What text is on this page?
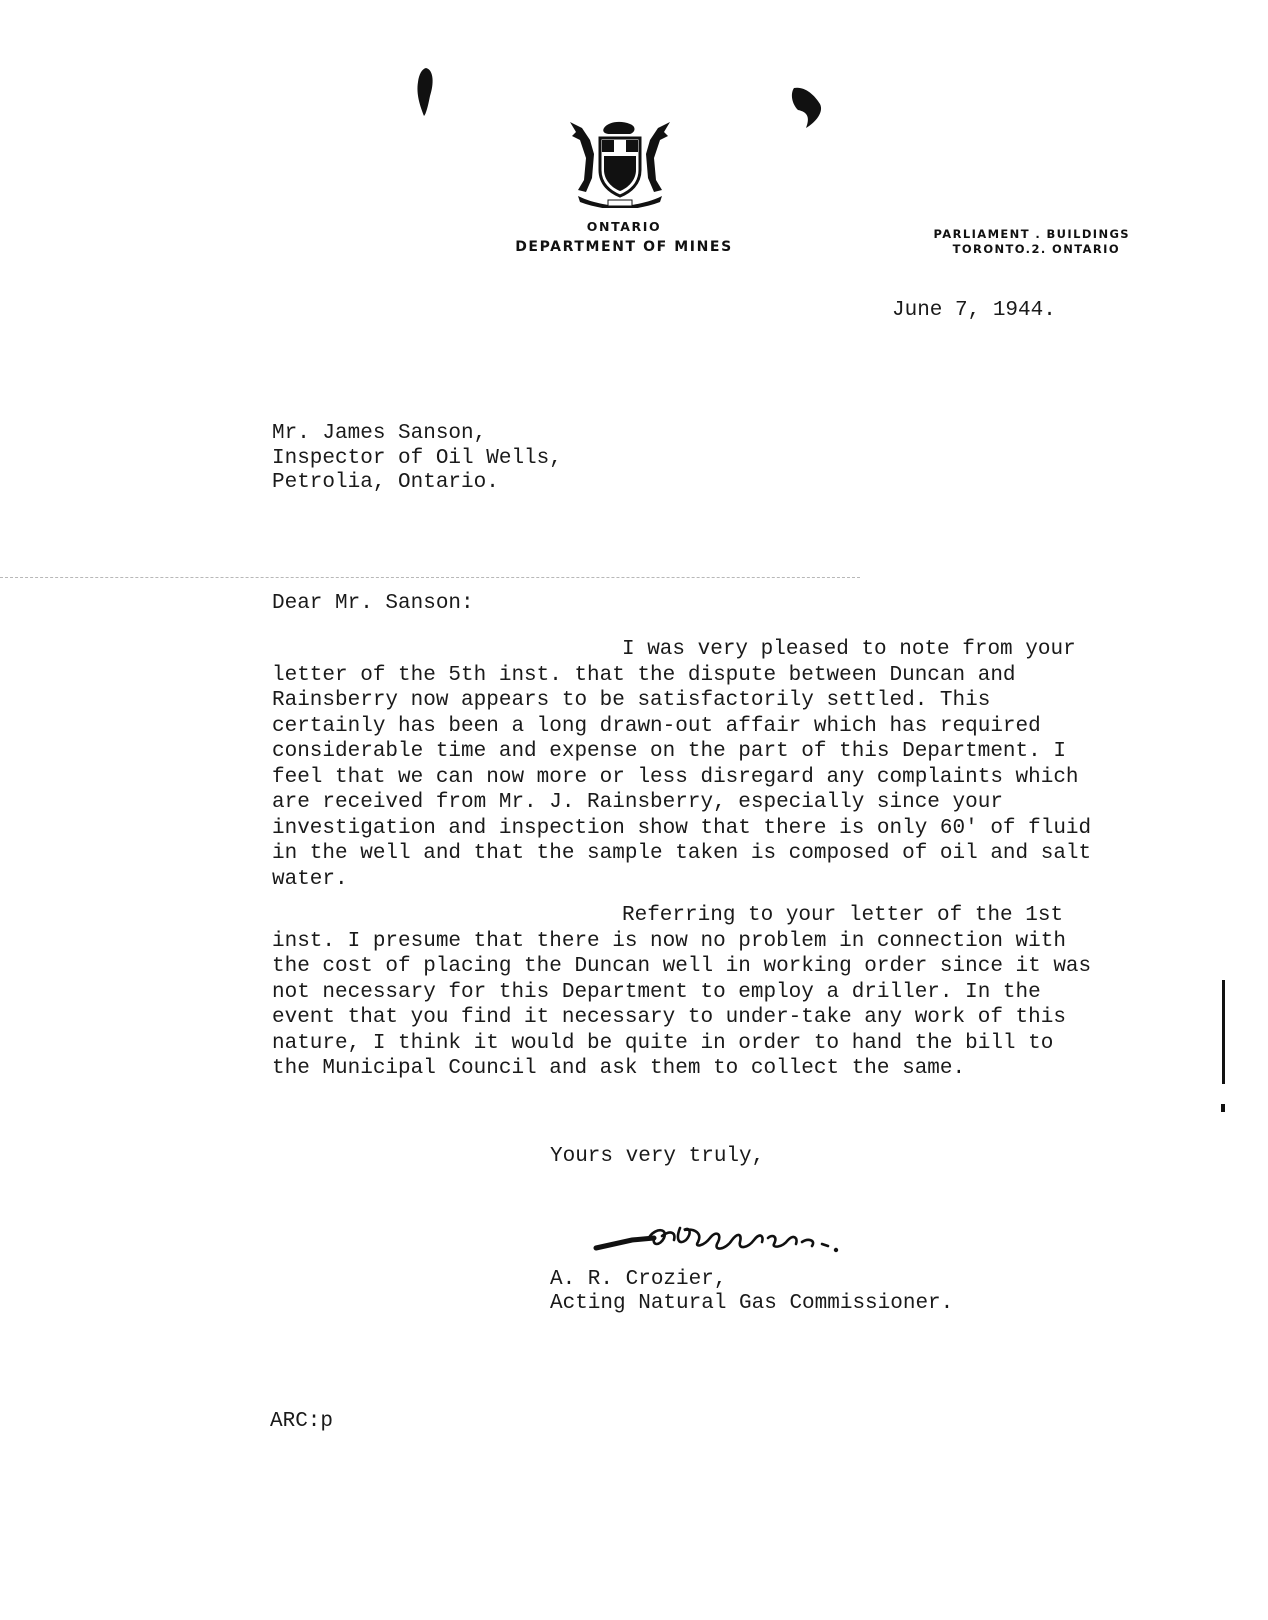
ONTARIO
DEPARTMENT OF MINES
PARLIAMENT . BUILDINGS
TORONTO.2. ONTARIO
June 7, 1944.
Mr. James Sanson,
Inspector of Oil Wells,
Petrolia, Ontario.
Dear Mr. Sanson:
I was very pleased to note from your letter of the 5th inst. that the dispute between Duncan and Rainsberry now appears to be satisfactorily settled. This certainly has been a long drawn-out affair which has required considerable time and expense on the part of this Department. I feel that we can now more or less disregard any complaints which are received from Mr. J. Rainsberry, especially since your investigation and inspection show that there is only 60' of fluid in the well and that the sample taken is composed of oil and salt water.
Referring to your letter of the 1st inst. I presume that there is now no problem in connection with the cost of placing the Duncan well in working order since it was not necessary for this Department to employ a driller. In the event that you find it necessary to under-take any work of this nature, I think it would be quite in order to hand the bill to the Municipal Council and ask them to collect the same.
Yours very truly,
A. R. Crozier,
Acting Natural Gas Commissioner.
ARC:p
